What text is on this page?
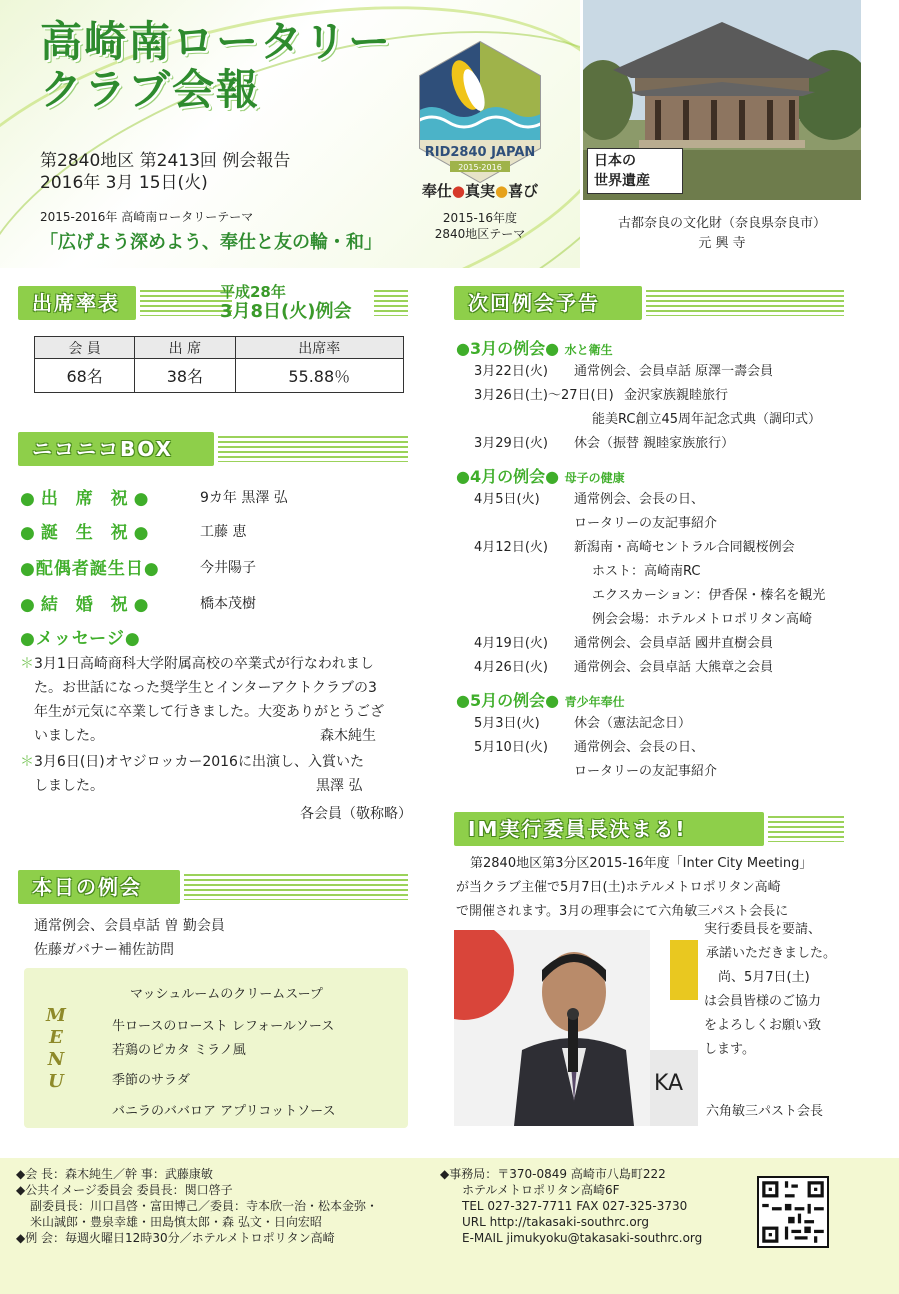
高崎南ロータリー
クラブ会報
第2840地区 第2413回 例会報告
2016年 3月 15日(火)
2015-2016年 高崎南ロータリーテーマ
「広げよう深めよう、奉仕と友の輪・和」
RID2840 JAPAN
2015-2016
奉仕●真実●喜び
2015-16年度
2840地区テーマ
日本の
世界遺産
古都奈良の文化財（奈良県奈良市）
元 興 寺
出席率表	平成28年
3月8日(火)例会
会 員	出 席	出席率
68名	38名	55.88％
ニコニコBOX
●出 席 祝●	9カ年 黒澤 弘
●誕 生 祝●	工藤 恵
●配偶者誕生日●	今井陽子
●結 婚 祝●	橋本茂樹
●メッセージ●
＊3月1日高崎商科大学附属高校の卒業式が行なわれまし
た。お世話になった奨学生とインターアクトクラブの3
年生が元気に卒業して行きました。大変ありがとうござ
いました。	森木純生
＊3月6日(日)オヤジロッカー2016に出演し、入賞いた
しました。	黒澤 弘
各会員（敬称略）
本日の例会
通常例会、会員卓話 曽 勤会員
佐藤ガバナー補佐訪問
M
E
N
U
マッシュルームのクリームスープ
牛ロースのロースト レフォールソース
若鶏のピカタ ミラノ風
季節のサラダ
バニラのババロア アプリコットソース
次回例会予告
●3月の例会● 水と衛生
3月22日(火) 通常例会、会員卓話 原澤一壽会員
3月26日(土)～27日(日) 金沢家族親睦旅行
能美RC創立45周年記念式典（調印式）
3月29日(火) 休会（振替 親睦家族旅行）
●4月の例会● 母子の健康
4月5日(火)	通常例会、会長の日、
ロータリーの友記事紹介
4月12日(火) 新潟南・高崎セントラル合同観桜例会
ホスト：高崎南RC
エクスカーション：伊香保・榛名を観光
例会会場：ホテルメトロポリタン高崎
4月19日(火) 通常例会、会員卓話 國井直樹会員
4月26日(火) 通常例会、会員卓話 大熊章之会員
●5月の例会● 青少年奉仕
5月3日(火)	休会（憲法記念日）
5月10日(火) 通常例会、会長の日、
ロータリーの友記事紹介
IM実行委員長決まる!
第2840地区第3分区2015-16年度「Inter City Meeting」
が当クラブ主催で5月7日(土)ホテルメトロポリタン高崎
で開催されます。3月の理事会にて六角敏三パスト会長に
KA
実行委員長を要請、
承諾いただきました。
尚、5月7日(土)
は会員皆様のご協力
をよろしくお願い致
します。
六角敏三パスト会長
◆会 長：森木純生／幹 事：武藤康敏
◆公共イメージ委員会 委員長：関口啓子
副委員長：川口昌啓・富田博己／委員：寺本欣一治・松本金弥・
米山誠郎・豊泉幸雄・田島慎太郎・森 弘文・日向宏昭
◆例 会：毎週火曜日12時30分／ホテルメトロポリタン高崎
◆事務局：〒370-0849 高崎市八島町222
ホテルメトロポリタン高崎6F
TEL 027-327-7711 FAX 027-325-3730
URL http://takasaki-southrc.org
E-MAIL jimukyoku@takasaki-southrc.org
